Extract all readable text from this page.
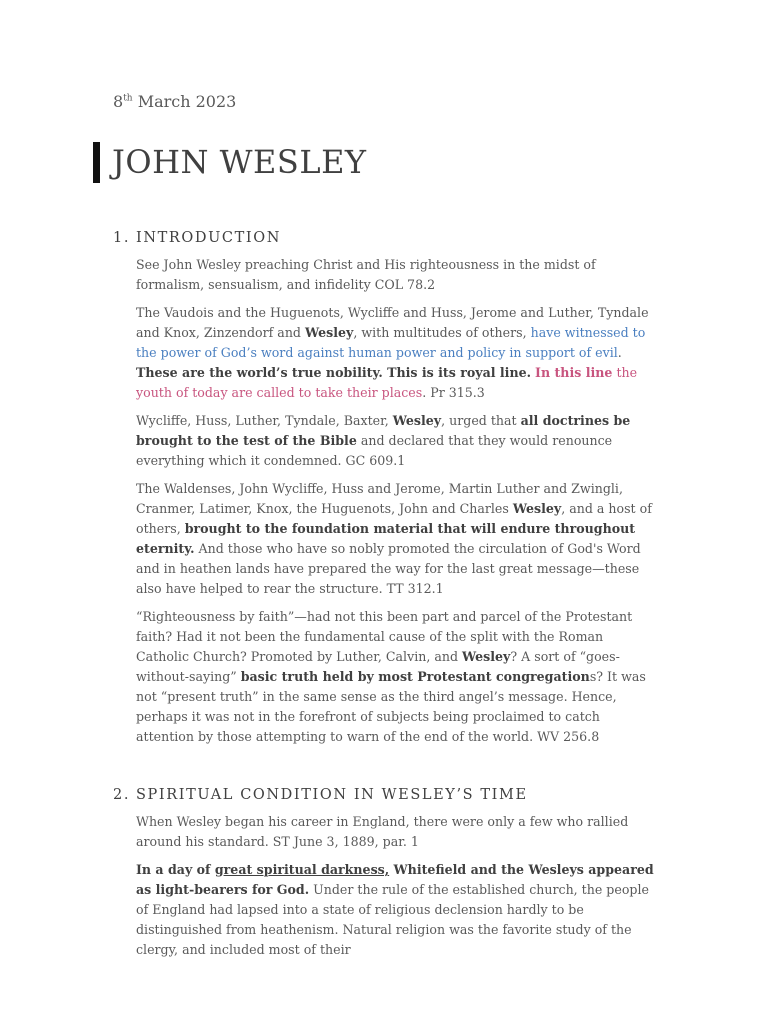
8th March 2023
JOHN WESLEY
1. INTRODUCTION

See John Wesley preaching Christ and His righteousness in the midst of formalism, sensualism, and infidelity COL 78.2

The Vaudois and the Huguenots, Wycliffe and Huss, Jerome and Luther, Tyndale and Knox, Zinzendorf and Wesley, with multitudes of others, have witnessed to the power of God’s word against human power and policy in support of evil. These are the world’s true nobility. This is its royal line. In this line the youth of today are called to take their places. Pr 315.3

Wycliffe, Huss, Luther, Tyndale, Baxter, Wesley, urged that all doctrines be brought to the test of the Bible and declared that they would renounce everything which it condemned. GC 609.1

The Waldenses, John Wycliffe, Huss and Jerome, Martin Luther and Zwingli, Cranmer, Latimer, Knox, the Huguenots, John and Charles Wesley, and a host of others, brought to the foundation material that will endure throughout eternity. And those who have so nobly promoted the circulation of God's Word and in heathen lands have prepared the way for the last great message—these also have helped to rear the structure. TT 312.1

“Righteousness by faith”—had not this been part and parcel of the Protestant faith? Had it not been the fundamental cause of the split with the Roman Catholic Church? Promoted by Luther, Calvin, and Wesley? A sort of “goes-without-saying” basic truth held by most Protestant congregations? It was not “present truth” in the same sense as the third angel’s message. Hence, perhaps it was not in the forefront of subjects being proclaimed to catch attention by those attempting to warn of the end of the world. WV 256.8

2. SPIRITUAL CONDITION IN WESLEY’S TIME

When Wesley began his career in England, there were only a few who rallied around his standard. ST June 3, 1889, par. 1

In a day of great spiritual darkness, Whitefield and the Wesleys appeared as light-bearers for God. Under the rule of the established church, the people of England had lapsed into a state of religious declension hardly to be distinguished from heathenism. Natural religion was the favorite study of the clergy, and included most of their
